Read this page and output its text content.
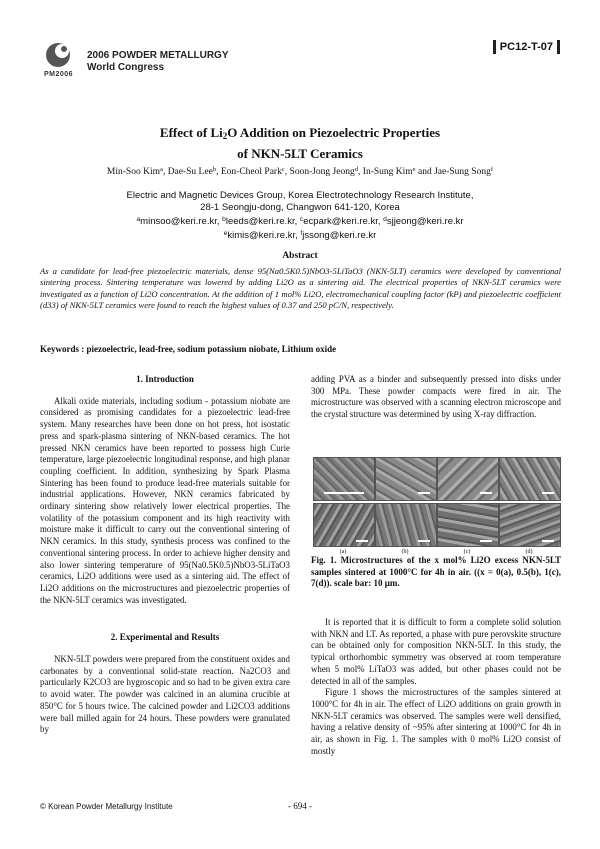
PM2006
2006 POWDER METALLURGY
World Congress
PC12-T-07
Effect of $Li_2O$ Addition on Piezoelectric Properties
of NKN-5LT Ceramics
Min-Soo Kim$^a$, Dae-Su Lee$^b$, Eon-Cheol Park$^c$, Soon-Jong Jeong$^d$, In-Sung Kim$^e$ and Jae-Sung Song$^f$
Electric and Magnetic Devices Group, Korea Electrotechnology Research Institute,
28-1 Seongju-dong, Changwon 641-120, Korea
$^a$minsoo@keri.re.kr, $^b$leeds@keri.re.kr, $^c$ecpark@keri.re.kr, $^d$sjjeong@keri.re.kr
$^e$kimis@keri.re.kr, $^f$jssong@keri.re.kr
Abstract
As a candidate for lead-free piezoelectric materials, dense 95(Na0.5K0.5)NbO3-5LiTaO3 (NKN-5LT) ceramics were developed by conventional sintering process. Sintering temperature was lowered by adding Li2O as a sintering aid. The electrical properties of NKN-5LT ceramics were investigated as a function of Li2O concentration. At the addition of 1 mol% Li2O, electromechanical coupling factor (kP) and piezoelectric coefficient (d33) of NKN-5LT ceramics were found to reach the highest values of 0.37 and 250 pC/N, respectively.
Keywords : piezoelectric, lead-free, sodium potassium niobate, Lithium oxide
1. Introduction
Alkali oxide materials, including sodium - potassium niobate are considered as promising candidates for a piezoelectric lead-free system. Many researches have been done on hot press, hot isostatic press and spark-plasma sintering of NKN-based ceramics. The hot pressed NKN ceramics have been reported to possess high Curie temperature, large piezoelectric longitudinal response, and high planar coupling coefficient. In addition, synthesizing by Spark Plasma Sintering has been found to produce lead-free materials suitable for industrial applications. However, NKN ceramics fabricated by ordinary sintering show relatively lower electrical properties. The volatility of the potassium component and its high reactivity with moisture make it difficult to carry out the conventional sintering of NKN ceramics. In this study, synthesis process was confined to the conventional sintering process. In order to achieve higher density and also lower sintering temperature of 95(Na0.5K0.5)NbO3-5LiTaO3 ceramics, Li2O additions were used as a sintering aid. The effect of Li2O additions on the microstructures and piezoelectric properties of the NKN-5LT ceramics was investigated.
2. Experimental and Results
NKN-5LT powders were prepared from the constituent oxides and carbonates by a conventional solid-state reaction. Na2CO3 and particularly K2CO3 are hygroscopic and so had to be given extra care to avoid water. The powder was calcined in an alumina crucible at 850°C for 5 hours twice. The calcined powder and Li2CO3 additions were ball milled again for 24 hours. These powders were granulated by
adding PVA as a binder and subsequently pressed into disks under 300 MPa. These powder compacts were fired in air. The microstructure was observed with a scanning electron microscope and the crystal structure was determined by using X-ray diffraction.
(a)	(b)	(c)	(d)
Fig. 1. Microstructures of the x mol% Li2O excess NKN-5LT samples sintered at 1000°C for 4h in air. ((x = 0(a), 0.5(b), 1(c), 7(d)). scale bar: 10 μm.
It is reported that it is difficult to form a complete solid solution with NKN and LT. As reported, a phase with pure perovskite structure can be obtained only for composition NKN-5LT. In this study, the typical orthorhombic symmetry was observed at room temperature when 5 mol% LiTaO3 was added, but other phases could not be detected in all of the samples.
Figure 1 shows the microstructures of the samples sintered at 1000°C for 4h in air. The effect of Li2O additions on grain growth in NKN-5LT ceramics was observed. The samples were well densified, having a relative density of ~95% after sintering at 1000°C for 4h in air, as shown in Fig. 1. The samples with 0 mol% Li2O consist of mostly
© Korean Powder Metallurgy Institute	- 694 -
